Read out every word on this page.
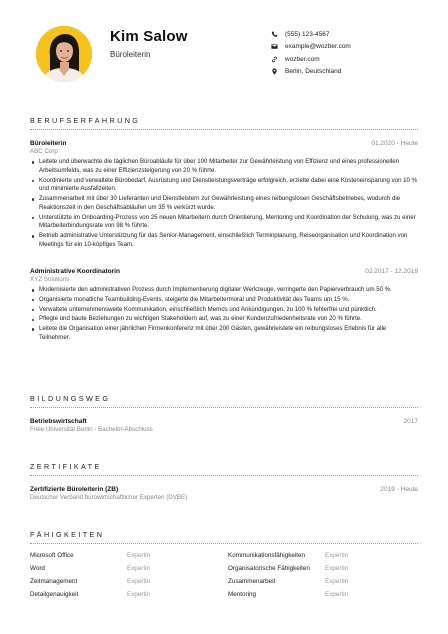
Kim Salow
Büroleiterin
(555) 123-4567
example@wozber.com
wozber.com
Berlin, Deutschland
BERUFSERFAHRUNG
Büroleiterin	01.2020 - Heute
ABC Corp
Leitete und überwachte die täglichen Büroabläufe für über 100 Mitarbeiter zur Gewährleistung von Effizienz und eines professionellen Arbeitsumfelds, was zu einer Effizienzsteigerung von 20 % führte.
Koordinierte und verwaltete Bürobedarf, Ausrüstung und Dienstleistungsverträge erfolgreich, erzielte dabei eine Kosteneinsparung von 10 % und minimierte Ausfallzeiten.
Zusammenarbeit mit über 30 Lieferanten und Dienstleistern zur Gewährleistung eines reibungslosen Geschäftsbetriebes, wodurch die Reaktionszeit in den Geschäftsabläufen um 35 % verkürzt wurde.
Unterstützte im Onboarding-Prozess von 25 neuen Mitarbeitern durch Orientierung, Mentoring und Koordination der Schulung, was zu einer Mitarbeiterbindungsrate von 98 % führte.
Betrieb administrative Unterstützung für das Senior-Management, einschließlich Terminplanung, Reiseorganisation und Koordination von Meetings für ein 10-köpfiges Team.
Administrative Koordinatorin	02.2017 - 12.2019
XYZ Solutions
Modernisierte den administrativen Prozess durch Implementierung digitaler Werkzeuge, verringerte den Papierverbrauch um 50 %.
Organisierte monatliche Teambuilding-Events, steigerte die Mitarbeitermoral und Produktivität des Teams um 15 %.
Verwaltete unternehmensweite Kommunikation, einschließlich Memos und Ankündigungen, zu 100 % fehlerfrei und pünktlich.
Pflegte und baute Beziehungen zu wichtigen Stakeholdern auf, was zu einer Kundenzufriedenheitsrate von 20 % führte.
Leitete die Organisation einer jährlichen Firmenkonferenz mit über 200 Gästen, gewährleistete ein reibungsloses Erlebnis für alle Teilnehmer.
BILDUNGSWEG
Betriebswirtschaft	2017
Freie Universität Berlin - Bachelor-Abschluss
ZERTIFIKATE
Zertifizierte Büroleiterin (ZB)	2019 - Heute
Deutscher Verband bürowirtschaftlicher Experten (DVBE)
FÄHIGKEITEN
Microsoft Office	Expertin
Word	Expertin
Zeitmanagement	Expertin
Detailgenauigkeit	Expertin
Kommunikationsfähigkeiten	Expertin
Organisatorische Fähigkeiten Expertin
Zusammenarbeit	Expertin
Mentoring	Expertin
